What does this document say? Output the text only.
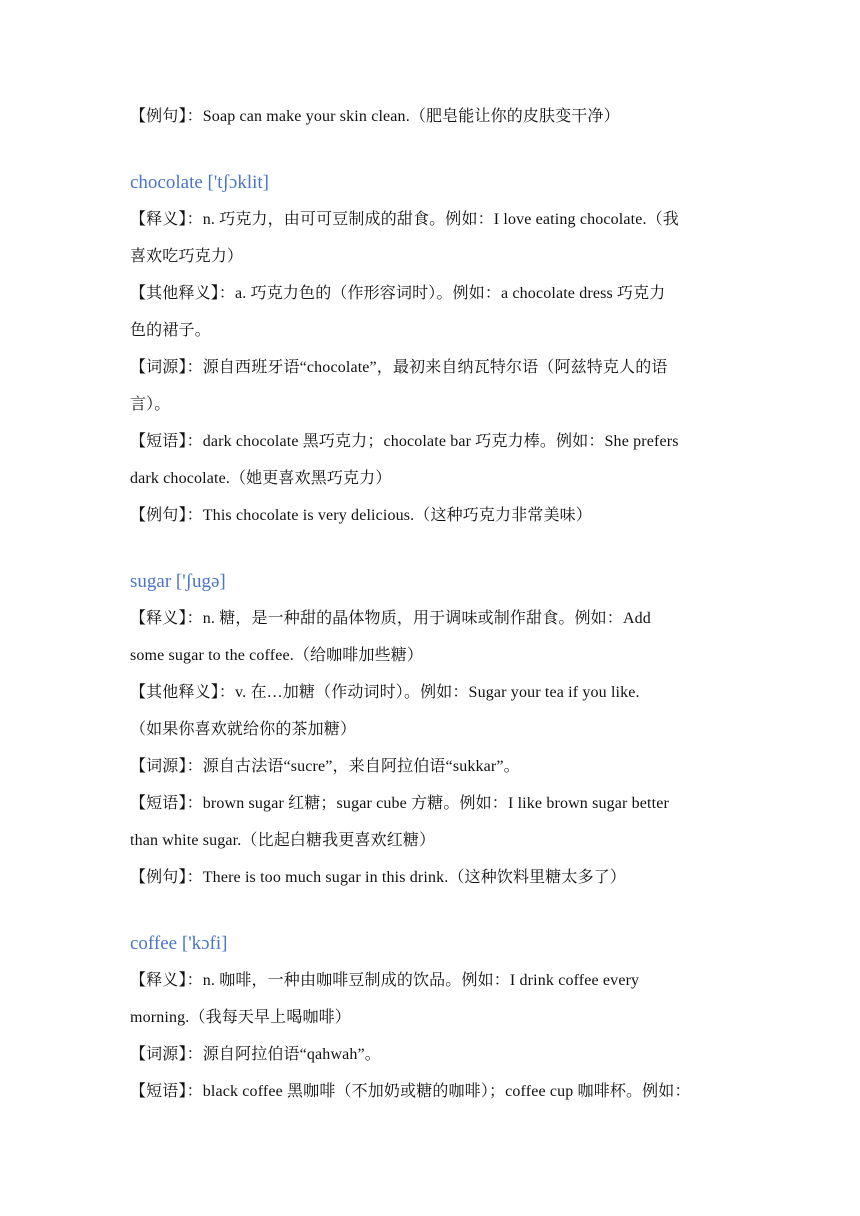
【例句】：Soap can make your skin clean.（肥皂能让你的皮肤变干净）
chocolate ['tʃɔklit]
【释义】：n. 巧克力，由可可豆制成的甜食。例如：I love eating chocolate.（我
喜欢吃巧克力）
【其他释义】：a. 巧克力色的（作形容词时）。例如：a chocolate dress 巧克力
色的裙子。
【词源】：源自西班牙语“chocolate”，最初来自纳瓦特尔语（阿兹特克人的语
言）。
【短语】：dark chocolate 黑巧克力；chocolate bar 巧克力棒。例如：She prefers
dark chocolate.（她更喜欢黑巧克力）
【例句】：This chocolate is very delicious.（这种巧克力非常美味）
sugar ['ʃugə]
【释义】：n. 糖，是一种甜的晶体物质，用于调味或制作甜食。例如：Add
some sugar to the coffee.（给咖啡加些糖）
【其他释义】：v. 在…加糖（作动词时）。例如：Sugar your tea if you like.
（如果你喜欢就给你的茶加糖）
【词源】：源自古法语“sucre”，来自阿拉伯语“sukkar”。
【短语】：brown sugar 红糖；sugar cube 方糖。例如：I like brown sugar better
than white sugar.（比起白糖我更喜欢红糖）
【例句】：There is too much sugar in this drink.（这种饮料里糖太多了）
coffee ['kɔfi]
【释义】：n. 咖啡，一种由咖啡豆制成的饮品。例如：I drink coffee every
morning.（我每天早上喝咖啡）
【词源】：源自阿拉伯语“qahwah”。
【短语】：black coffee 黑咖啡（不加奶或糖的咖啡）；coffee cup 咖啡杯。例如：
